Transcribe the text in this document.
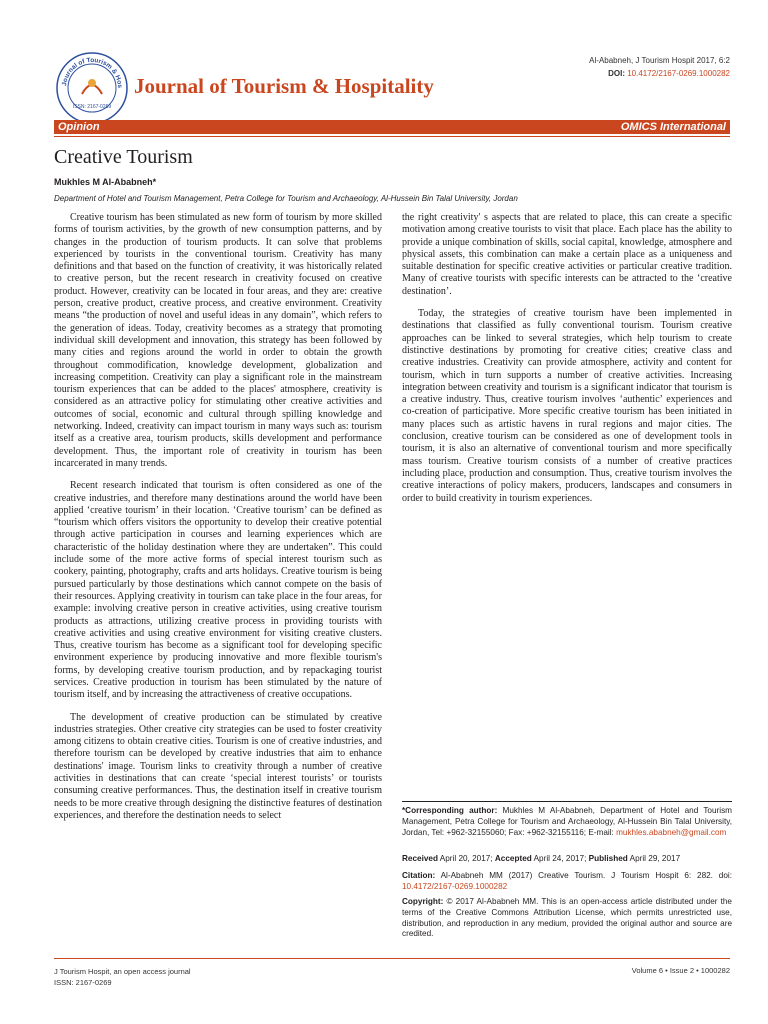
Journal of Tourism & Hos
ISSN: 2167-0269
Journal of Tourism & Hospitality
Al-Ababneh, J Tourism Hospit 2017, 6:2
DOI: 10.4172/2167-0269.1000282
Opinion	OMICS International
Creative Tourism
Mukhles M Al-Ababneh*
Department of Hotel and Tourism Management, Petra College for Tourism and Archaeology, Al-Hussein Bin Talal University, Jordan

Creative tourism has been stimulated as new form of tourism by more skilled forms of tourism activities, by the growth of new consumption patterns, and by changes in the production of tourism products. It can solve that problems experienced by tourists in the conventional tourism. Creativity has many definitions and that based on the function of creativity, it was historically related to creative person, but the recent research in creativity focused on creative product. However, creativity can be located in four areas, and they are: creative person, creative product, creative process, and creative environment. Creativity means “the production of novel and useful ideas in any domain”, which refers to the generation of ideas. Today, creativity becomes as a strategy that promoting individual skill development and innovation, this strategy has been followed by many cities and regions around the world in order to obtain the growth throughout commodification, knowledge development, globalization and increasing competition. Creativity can play a significant role in the mainstream tourism experiences that can be added to the places' atmosphere, creativity is considered as an attractive policy for stimulating other creative activities and outcomes of social, economic and cultural through spilling knowledge and networking. Indeed, creativity can impact tourism in many ways such as: tourism itself as a creative area, tourism products, skills development and performance development. Thus, the important role of creativity in tourism has been incarcerated in many trends.

Recent research indicated that tourism is often considered as one of the creative industries, and therefore many destinations around the world have been applied ‘creative tourism’ in their location. ‘Creative tourism’ can be defined as “tourism which offers visitors the opportunity to develop their creative potential through active participation in courses and learning experiences which are characteristic of the holiday destination where they are undertaken”. This could include some of the more active forms of special interest tourism such as cookery, painting, photography, crafts and arts holidays. Creative tourism is being pursued particularly by those destinations which cannot compete on the basis of their resources. Applying creativity in tourism can take place in the four areas, for example: involving creative person in creative activities, using creative tourism products as attractions, utilizing creative process in providing tourists with creative activities and using creative environment for visiting creative clusters. Thus, creative tourism has become as a significant tool for developing specific environment experience by producing innovative and more flexible tourism's forms, by developing creative tourism production, and by repackaging tourist services. Creative production in tourism has been stimulated by the nature of tourism itself, and by increasing the attractiveness of creative occupations.

The development of creative production can be stimulated by creative industries strategies. Other creative city strategies can be used to foster creativity among citizens to obtain creative cities. Tourism is one of creative industries, and therefore tourism can be developed by creative industries that aim to enhance destinations' image. Tourism links to creativity through a number of creative activities in destinations that can create ‘special interest tourists’ or tourists consuming creative performances. Thus, the destination itself in creative tourism needs to be more creative through designing the distinctive features of destination experiences, and therefore the destination needs to select

the right creativity' s aspects that are related to place, this can create a specific motivation among creative tourists to visit that place. Each place has the ability to provide a unique combination of skills, social capital, knowledge, atmosphere and physical assets, this combination can make a certain place as a uniqueness and suitable destination for specific creative activities or particular creative tradition. Many of creative tourists with specific interests can be attracted to the ‘creative destination’.

Today, the strategies of creative tourism have been implemented in destinations that classified as fully conventional tourism. Tourism creative approaches can be linked to several strategies, which help tourism to create distinctive destinations by promoting for creative cities; creative class and creative industries. Creativity can provide atmosphere, activity and content for tourism, which in turn supports a number of creative activities. Increasing integration between creativity and tourism is a significant indicator that tourism is a creative industry. Thus, creative tourism involves ‘authentic’ experiences and co-creation of participative. More specific creative tourism has been initiated in many places such as artistic havens in rural regions and major cities. The conclusion, creative tourism can be considered as one of development tools in tourism, it is also an alternative of conventional tourism and more specifically mass tourism. Creative tourism consists of a number of creative practices including place, production and consumption. Thus, creative tourism involves the creative interactions of policy makers, producers, landscapes and consumers in order to build creativity in tourism experiences.

*Corresponding author: Mukhles M Al-Ababneh, Department of Hotel and Tourism Management, Petra College for Tourism and Archaeology, Al-Hussein Bin Talal University, Jordan, Tel: +962-32155060; Fax: +962-32155116; E-mail: mukhles.ababneh@gmail.com
Received April 20, 2017; Accepted April 24, 2017; Published April 29, 2017
Citation: Al-Ababneh MM (2017) Creative Tourism. J Tourism Hospit 6: 282. doi: 10.4172/2167-0269.1000282
Copyright: © 2017 Al-Ababneh MM. This is an open-access article distributed under the terms of the Creative Commons Attribution License, which permits unrestricted use, distribution, and reproduction in any medium, provided the original author and source are credited.
J Tourism Hospit, an open access journal
ISSN: 2167-0269
Volume 6 • Issue 2 • 1000282
